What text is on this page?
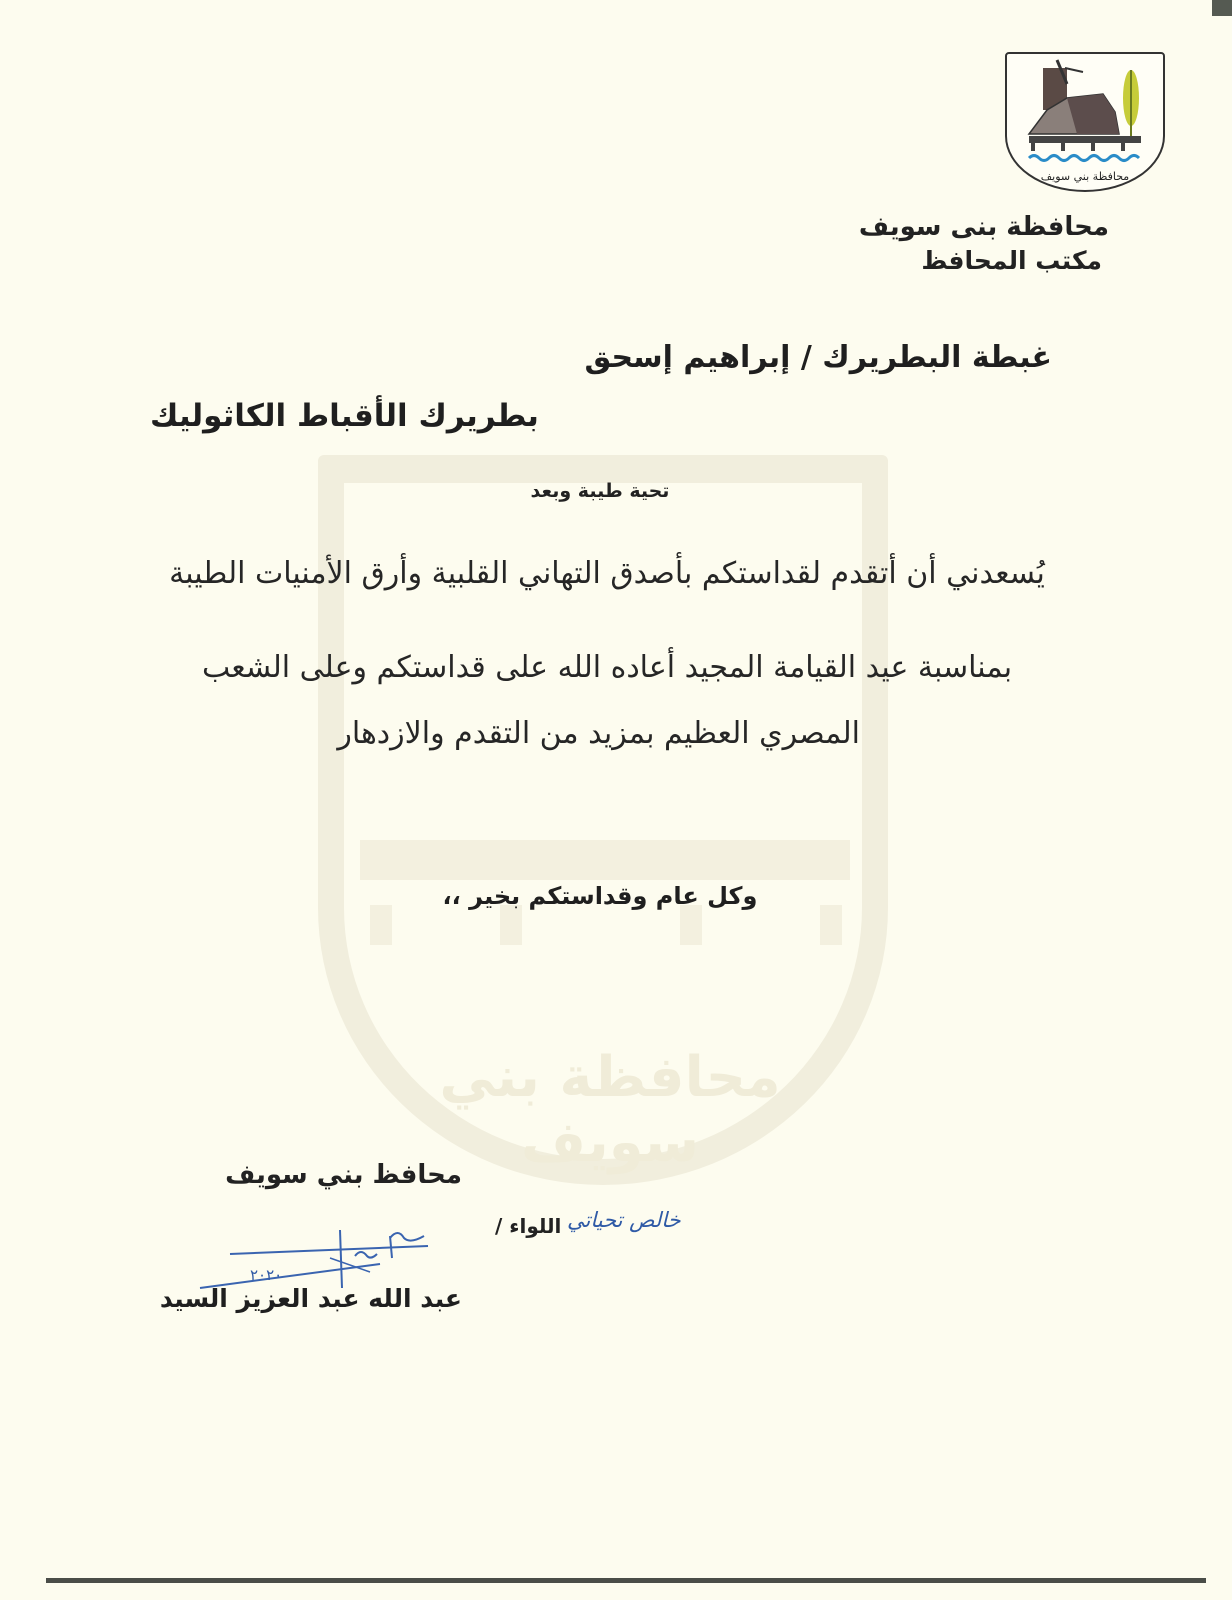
محافظة بني سويف
محافظة بني سويف
محافظة بنى سويف
مكتب المحافظ
غبطة البطريرك / إبراهيم إسحق
بطريرك الأقباط الكاثوليك
تحية طيبة وبعد
يُسعدني أن أتقدم لقداستكم بأصدق التهاني القلبية وأرق الأمنيات الطيبة
بمناسبة عيد القيامة المجيد أعاده الله على قداستكم وعلى الشعب
المصري العظيم بمزيد من التقدم والازدهار
وكل عام وقداستكم بخير ،،
محافظ بني سويف
خالص تحياتي
اللواء /
٢٠٢٠
عبد الله عبد العزيز السيد
